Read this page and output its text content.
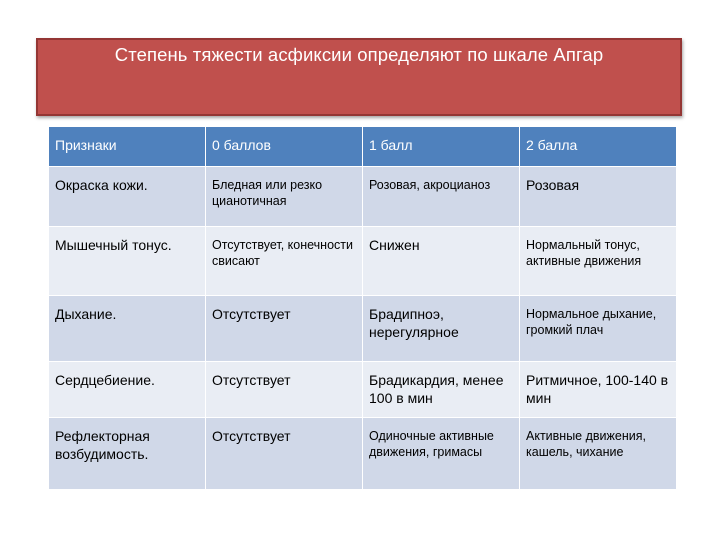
Степень тяжести асфиксии определяют по шкале Апгар
Признаки	0 баллов	1 балл	2 балла
Окраска кожи.	Бледная или резко цианотичная	Розовая, акроцианоз	Розовая
Мышечный тонус.	Отсутствует, конечности свисают	Снижен	Нормальный тонус, активные движения
Дыхание.	Отсутствует	Брадипноэ, нерегулярное	Нормальное дыхание, громкий плач
Сердцебиение.	Отсутствует	Брадикардия, менее 100 в мин	Ритмичное, 100-140 в мин
Рефлекторная возбудимость.	Отсутствует	Одиночные активные движения, гримасы	Активные движения, кашель, чихание
